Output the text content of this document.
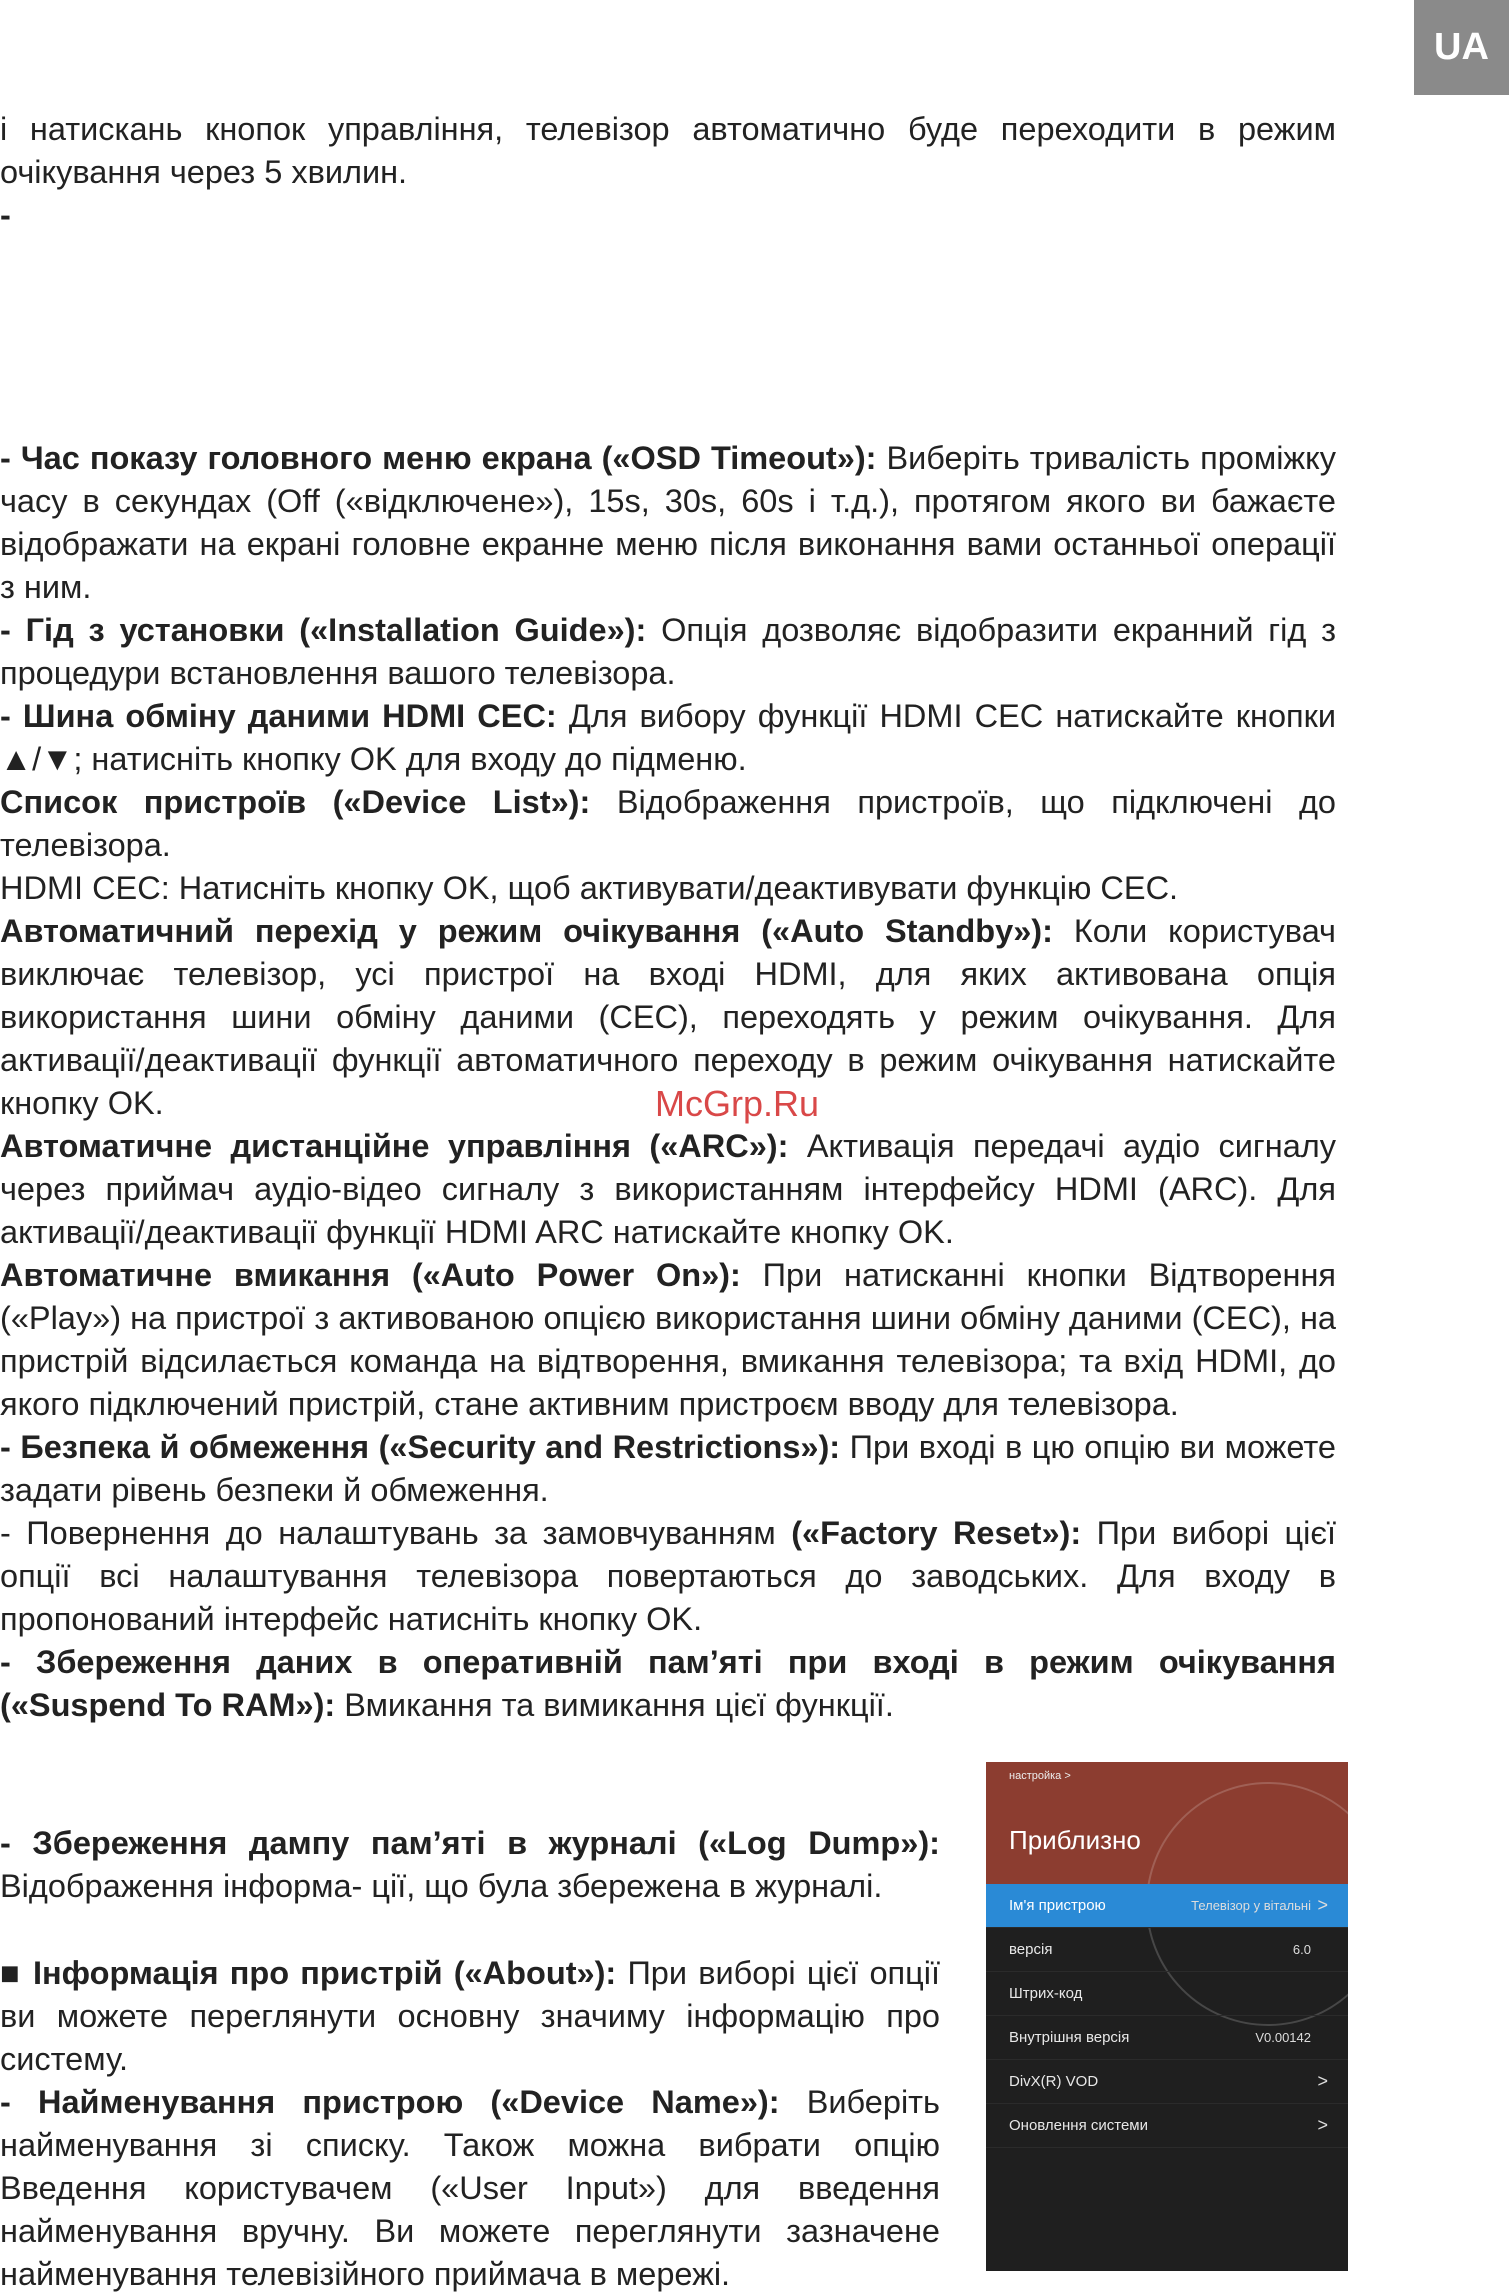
UA

і натискань кнопок управління, телевізор автоматично буде переходити в режим очікування через 5 хвилин.

-

- Час показу головного меню екрана («OSD Timeout»): Виберіть тривалість проміжку часу в секундах (Off («відключене»), 15s, 30s, 60s і т.д.), протягом якого ви бажаєте відображати на екрані головне екранне меню після виконання вами останньої операції з ним.

- Гід з установки («Installation Guide»): Опція дозволяє відобразити екранний гід з процедури встановлення вашого телевізора.

- Шина обміну даними HDMI CEC: Для вибору функції HDMI CEC натискайте кнопки ▲/▼; натисніть кнопку OK для входу до підменю.

Список пристроїв («Device List»): Відображення пристроїв, що підключені до телевізора.

HDMI CEC: Натисніть кнопку OK, щоб активувати/деактивувати функцію CEC.

Автоматичний перехід у режим очікування («Auto Standby»): Коли користувач виключає телевізор, усі пристрої на вході HDMI, для яких активована опція використання шини обміну даними (CEC), переходять у режим очікування. Для активації/деактивації функції автоматичного переходу в режим очікування натискайте кнопку OK.

Автоматичне дистанційне управління («ARC»): Активація передачі аудіо сигналу через приймач аудіо-відео сигналу з використанням інтерфейсу HDMI (ARC). Для активації/деактивації функції HDMI ARC натискайте кнопку OK.

Автоматичне вмикання («Auto Power On»): При натисканні кнопки Відтворення («Play») на пристрої з активованою опцією використання шини обміну даними (CEC), на пристрій відсилається команда на відтворення, вмикання телевізора; та вхід HDMI, до якого підключений пристрій, стане активним пристроєм вводу для телевізора.

- Безпека й обмеження («Security and Restrictions»): При вході в цю опцію ви можете задати рівень безпеки й обмеження.

- Повернення до налаштувань за замовчуванням («Factory Reset»): При виборі цієї опції всі налаштування телевізора повертаються до заводських. Для входу в пропонований інтерфейс натисніть кнопку OK.

- Збереження даних в оперативній пам’яті при вході в режим очікування («Suspend To RAM»): Вмикання та вимикання цієї функції.

- Збереження дампу пам’яті в журналі («Log Dump»): Відображення інформа- ції, що була збережена в журналі.

■ Інформація про пристрій («About»): При виборі цієї опції ви можете переглянути основну значиму інформацію про систему.

- Найменування пристрою («Device Name»): Виберіть найменування зі списку. Також можна вибрати опцію Введення користувачем («User Input») для введення найменування вручну. Ви можете переглянути зазначене найменування телевізійного приймача в мережі.

McGrp.Ru
настройка >
Приблизно
Ім'я пристрою	Телевізор у вітальні >
версія	6.0
Штрих-код
Внутрішня версія	V0.00142
DivX(R) VOD	>
Оновлення системи	>
